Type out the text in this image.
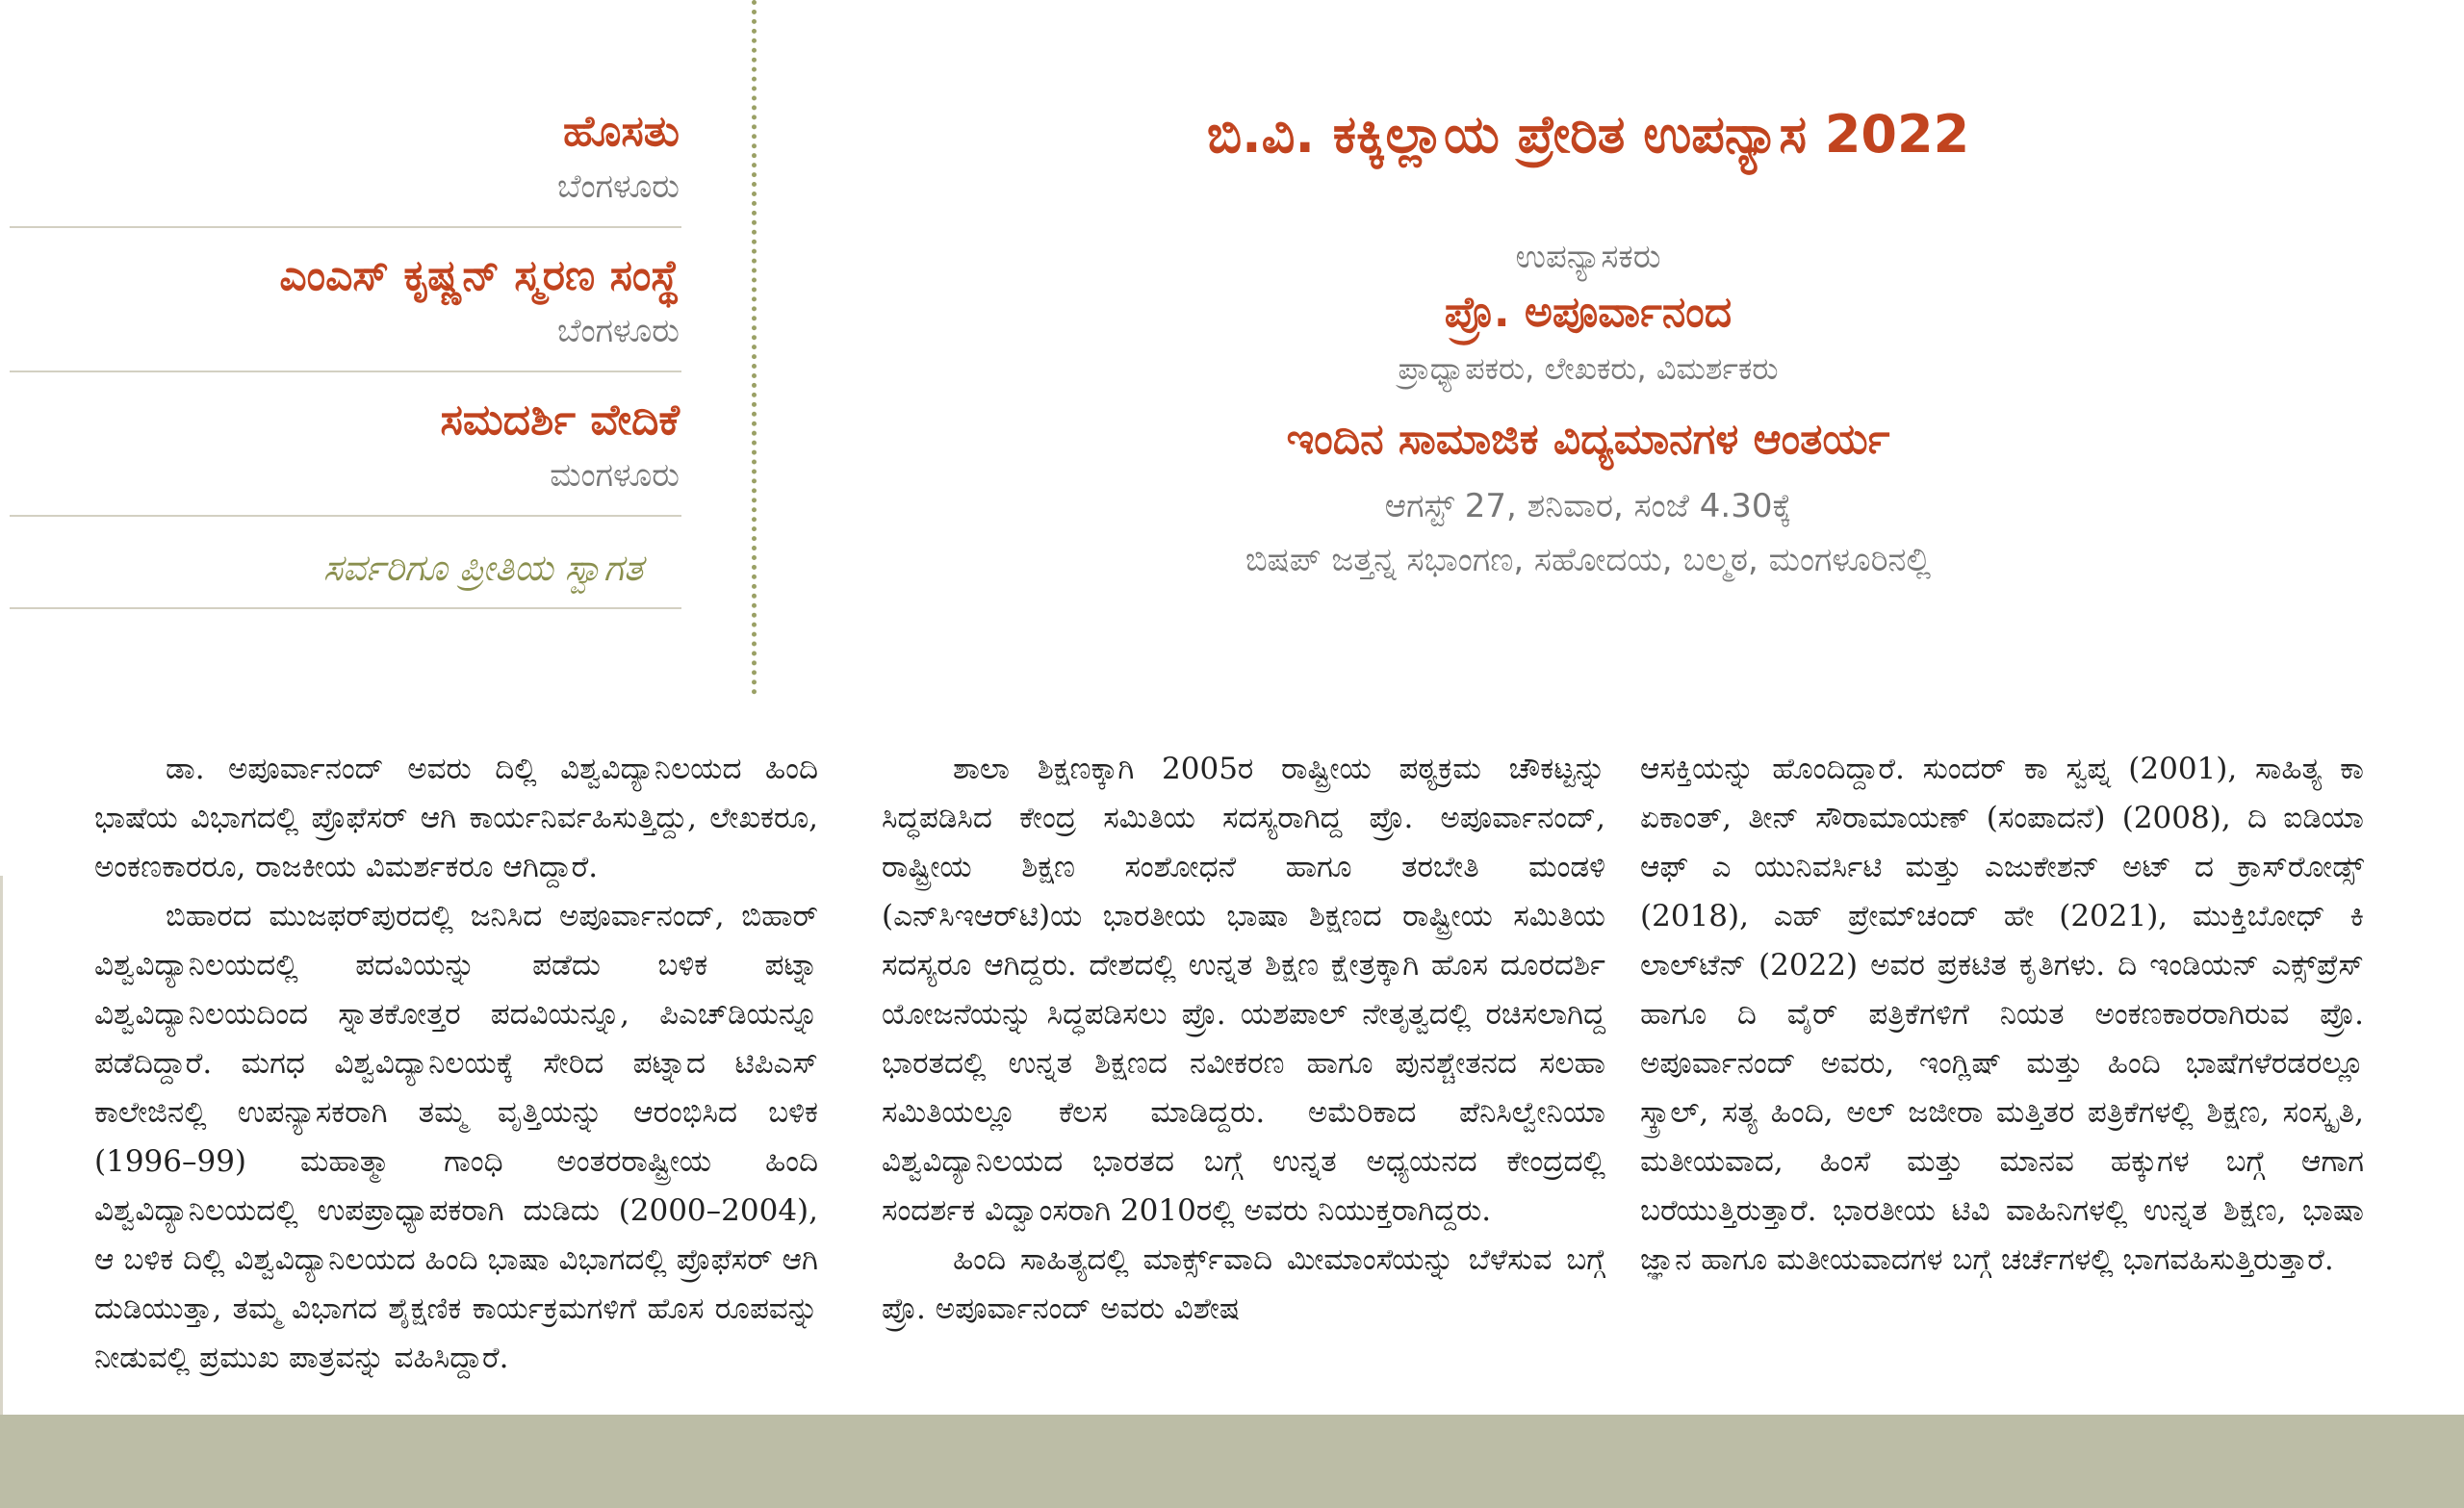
ಹೊಸತು
ಬೆಂಗಳೂರು
ಎಂಎಸ್ ಕೃಷ್ಣನ್ ಸ್ಮರಣ ಸಂಸ್ಥೆ
ಬೆಂಗಳೂರು
ಸಮದರ್ಶಿ ವೇದಿಕೆ
ಮಂಗಳೂರು
ಸರ್ವರಿಗೂ ಪ್ರೀತಿಯ ಸ್ವಾಗತ
ಬಿ.ವಿ. ಕಕ್ಕಿಲ್ಲಾಯ ಪ್ರೇರಿತ ಉಪನ್ಯಾಸ 2022
ಉಪನ್ಯಾಸಕರು
ಪ್ರೊ. ಅಪೂರ್ವಾನಂದ
ಪ್ರಾಧ್ಯಾಪಕರು, ಲೇಖಕರು, ವಿಮರ್ಶಕರು
ಇಂದಿನ ಸಾಮಾಜಿಕ ವಿದ್ಯಮಾನಗಳ ಆಂತರ್ಯ
ಆಗಸ್ಟ್ 27, ಶನಿವಾರ, ಸಂಜೆ 4.30ಕ್ಕೆ
ಬಿಷಪ್ ಜತ್ತನ್ನ ಸಭಾಂಗಣ, ಸಹೋದಯ, ಬಲ್ಮಠ, ಮಂಗಳೂರಿನಲ್ಲಿ

ಡಾ. ಅಪೂರ್ವಾನಂದ್ ಅವರು ದಿಲ್ಲಿ ವಿಶ್ವವಿದ್ಯಾನಿಲಯದ ಹಿಂದಿ ಭಾಷೆಯ ವಿಭಾಗದಲ್ಲಿ ಪ್ರೊಫೆಸರ್ ಆಗಿ ಕಾರ್ಯನಿರ್ವಹಿಸುತ್ತಿದ್ದು, ಲೇಖಕರೂ, ಅಂಕಣಕಾರರೂ, ರಾಜಕೀಯ ವಿಮರ್ಶಕರೂ ಆಗಿದ್ದಾರೆ.

ಬಿಹಾರದ ಮುಜಫರ್‌ಪುರದಲ್ಲಿ ಜನಿಸಿದ ಅಪೂರ್ವಾನಂದ್, ಬಿಹಾರ್ ವಿಶ್ವವಿದ್ಯಾನಿಲಯದಲ್ಲಿ ಪದವಿಯನ್ನು ಪಡೆದು ಬಳಿಕ ಪಟ್ನಾ ವಿಶ್ವವಿದ್ಯಾನಿಲಯದಿಂದ ಸ್ನಾತಕೋತ್ತರ ಪದವಿಯನ್ನೂ, ಪಿಎಚ್‌ಡಿಯನ್ನೂ ಪಡೆದಿದ್ದಾರೆ. ಮಗಧ ವಿಶ್ವವಿದ್ಯಾನಿಲಯಕ್ಕೆ ಸೇರಿದ ಪಟ್ನಾದ ಟಿಪಿಎಸ್ ಕಾಲೇಜಿನಲ್ಲಿ ಉಪನ್ಯಾಸಕರಾಗಿ ತಮ್ಮ ವೃತ್ತಿಯನ್ನು ಆರಂಭಿಸಿದ ಬಳಿಕ (1996–99) ಮಹಾತ್ಮಾ ಗಾಂಧಿ ಅಂತರರಾಷ್ಟ್ರೀಯ ಹಿಂದಿ ವಿಶ್ವವಿದ್ಯಾನಿಲಯದಲ್ಲಿ ಉಪಪ್ರಾಧ್ಯಾಪಕರಾಗಿ ದುಡಿದು (2000–2004), ಆ ಬಳಿಕ ದಿಲ್ಲಿ ವಿಶ್ವವಿದ್ಯಾನಿಲಯದ ಹಿಂದಿ ಭಾಷಾ ವಿಭಾಗದಲ್ಲಿ ಪ್ರೊಫೆಸರ್ ಆಗಿ ದುಡಿಯುತ್ತಾ, ತಮ್ಮ ವಿಭಾಗದ ಶೈಕ್ಷಣಿಕ ಕಾರ್ಯಕ್ರಮಗಳಿಗೆ ಹೊಸ ರೂಪವನ್ನು ನೀಡುವಲ್ಲಿ ಪ್ರಮುಖ ಪಾತ್ರವನ್ನು ವಹಿಸಿದ್ದಾರೆ.

ಶಾಲಾ ಶಿಕ್ಷಣಕ್ಕಾಗಿ 2005ರ ರಾಷ್ಟ್ರೀಯ ಪಠ್ಯಕ್ರಮ ಚೌಕಟ್ಟನ್ನು ಸಿದ್ಧಪಡಿಸಿದ ಕೇಂದ್ರ ಸಮಿತಿಯ ಸದಸ್ಯರಾಗಿದ್ದ ಪ್ರೊ. ಅಪೂರ್ವಾನಂದ್, ರಾಷ್ಟ್ರೀಯ ಶಿಕ್ಷಣ ಸಂಶೋಧನೆ ಹಾಗೂ ತರಬೇತಿ ಮಂಡಳಿ (ಎನ್‌ಸಿಇಆರ್‌ಟಿ)ಯ ಭಾರತೀಯ ಭಾಷಾ ಶಿಕ್ಷಣದ ರಾಷ್ಟ್ರೀಯ ಸಮಿತಿಯ ಸದಸ್ಯರೂ ಆಗಿದ್ದರು. ದೇಶದಲ್ಲಿ ಉನ್ನತ ಶಿಕ್ಷಣ ಕ್ಷೇತ್ರಕ್ಕಾಗಿ ಹೊಸ ದೂರದರ್ಶಿ ಯೋಜನೆಯನ್ನು ಸಿದ್ಧಪಡಿಸಲು ಪ್ರೊ. ಯಶಪಾಲ್ ನೇತೃತ್ವದಲ್ಲಿ ರಚಿಸಲಾಗಿದ್ದ ಭಾರತದಲ್ಲಿ ಉನ್ನತ ಶಿಕ್ಷಣದ ನವೀಕರಣ ಹಾಗೂ ಪುನಶ್ಚೇತನದ ಸಲಹಾ ಸಮಿತಿಯಲ್ಲೂ ಕೆಲಸ ಮಾಡಿದ್ದರು. ಅಮೆರಿಕಾದ ಪೆನಿಸಿಲ್ವೇನಿಯಾ ವಿಶ್ವವಿದ್ಯಾನಿಲಯದ ಭಾರತದ ಬಗ್ಗೆ ಉನ್ನತ ಅಧ್ಯಯನದ ಕೇಂದ್ರದಲ್ಲಿ ಸಂದರ್ಶಕ ವಿದ್ವಾಂಸರಾಗಿ 2010ರಲ್ಲಿ ಅವರು ನಿಯುಕ್ತರಾಗಿದ್ದರು.

ಹಿಂದಿ ಸಾಹಿತ್ಯದಲ್ಲಿ ಮಾರ್ಕ್ಸ್‌ವಾದಿ ಮೀಮಾಂಸೆಯನ್ನು ಬೆಳೆಸುವ ಬಗ್ಗೆ ಪ್ರೊ. ಅಪೂರ್ವಾನಂದ್ ಅವರು ವಿಶೇಷ

ಆಸಕ್ತಿಯನ್ನು ಹೊಂದಿದ್ದಾರೆ. ಸುಂದರ್ ಕಾ ಸ್ವಪ್ನ (2001), ಸಾಹಿತ್ಯ ಕಾ ಏಕಾಂತ್, ತೀನ್ ಸೌರಾಮಾಯಣ್ (ಸಂಪಾದನೆ) (2008), ದಿ ಐಡಿಯಾ ಆಫ್ ಎ ಯುನಿವರ್ಸಿಟಿ ಮತ್ತು ಎಜುಕೇಶನ್ ಅಟ್ ದ ಕ್ರಾಸ್‌ರೋಡ್ಸ್ (2018), ಎಹ್ ಪ್ರೇಮ್‌ಚಂದ್ ಹೇ (2021), ಮುಕ್ತಿಬೋಧ್ ಕಿ ಲಾಲ್‌ಟೆನ್ (2022) ಅವರ ಪ್ರಕಟಿತ ಕೃತಿಗಳು. ದಿ ಇಂಡಿಯನ್ ಎಕ್ಸ್‌ಪ್ರೆಸ್ ಹಾಗೂ ದಿ ವೈರ್ ಪತ್ರಿಕೆಗಳಿಗೆ ನಿಯತ ಅಂಕಣಕಾರರಾಗಿರುವ ಪ್ರೊ. ಅಪೂರ್ವಾನಂದ್ ಅವರು, ಇಂಗ್ಲಿಷ್ ಮತ್ತು ಹಿಂದಿ ಭಾಷೆಗಳೆರಡರಲ್ಲೂ ಸ್ಕ್ರಾಲ್, ಸತ್ಯ ಹಿಂದಿ, ಅಲ್ ಜಜೀರಾ ಮತ್ತಿತರ ಪತ್ರಿಕೆಗಳಲ್ಲಿ ಶಿಕ್ಷಣ, ಸಂಸ್ಕೃತಿ, ಮತೀಯವಾದ, ಹಿಂಸೆ ಮತ್ತು ಮಾನವ ಹಕ್ಕುಗಳ ಬಗ್ಗೆ ಆಗಾಗ ಬರೆಯುತ್ತಿರುತ್ತಾರೆ. ಭಾರತೀಯ ಟಿವಿ ವಾಹಿನಿಗಳಲ್ಲಿ ಉನ್ನತ ಶಿಕ್ಷಣ, ಭಾಷಾ ಜ್ಞಾನ ಹಾಗೂ ಮತೀಯವಾದಗಳ ಬಗ್ಗೆ ಚರ್ಚೆಗಳಲ್ಲಿ ಭಾಗವಹಿಸುತ್ತಿರುತ್ತಾರೆ.
